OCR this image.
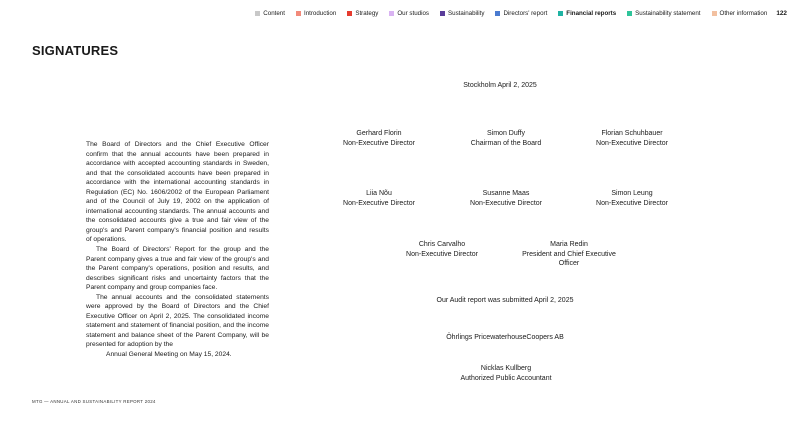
Content	Introduction	Strategy	Our studios	Sustainability	Directors' report	Financial reports	Sustainability statement	Other information 122
SIGNATURES

The Board of Directors and the Chief Executive Officer confirm that the annual accounts have been prepared in accordance with accepted accounting standards in Sweden, and that the consolidated accounts have been prepared in accordance with the international accounting standards in Regulation (EC) No. 1606/2002 of the European Parliament and of the Council of July 19, 2002 on the application of international accounting standards. The annual accounts and the consolidated accounts give a true and fair view of the group's and Parent company's financial position and results of operations.

The Board of Directors' Report for the group and the Parent company gives a true and fair view of the group's and the Parent company's operations, position and results, and describes significant risks and uncertainty factors that the Parent company and group companies face.

The annual accounts and the consolidated statements were approved by the Board of Directors and the Chief Executive Officer on April 2, 2025. The consolidated income statement and statement of financial position, and the income statement and balance sheet of the Parent Company, will be presented for adoption by the

Annual General Meeting on May 15, 2024.

Stockholm April 2, 2025
Gerhard Florin
Non-Executive Director
Simon Duffy
Chairman of the Board
Florian Schuhbauer
Non-Executive Director
Liia Nõu
Non-Executive Director
Susanne Maas
Non-Executive Director
Simon Leung
Non-Executive Director
Chris Carvalho
Non-Executive Director
Maria Redin
President and Chief Executive Officer
Our Audit report was submitted April 2, 2025
Öhrlings PricewaterhouseCoopers AB
Nicklas Kullberg
Authorized Public Accountant
MTG — ANNUAL AND SUSTAINABILITY REPORT 2024
